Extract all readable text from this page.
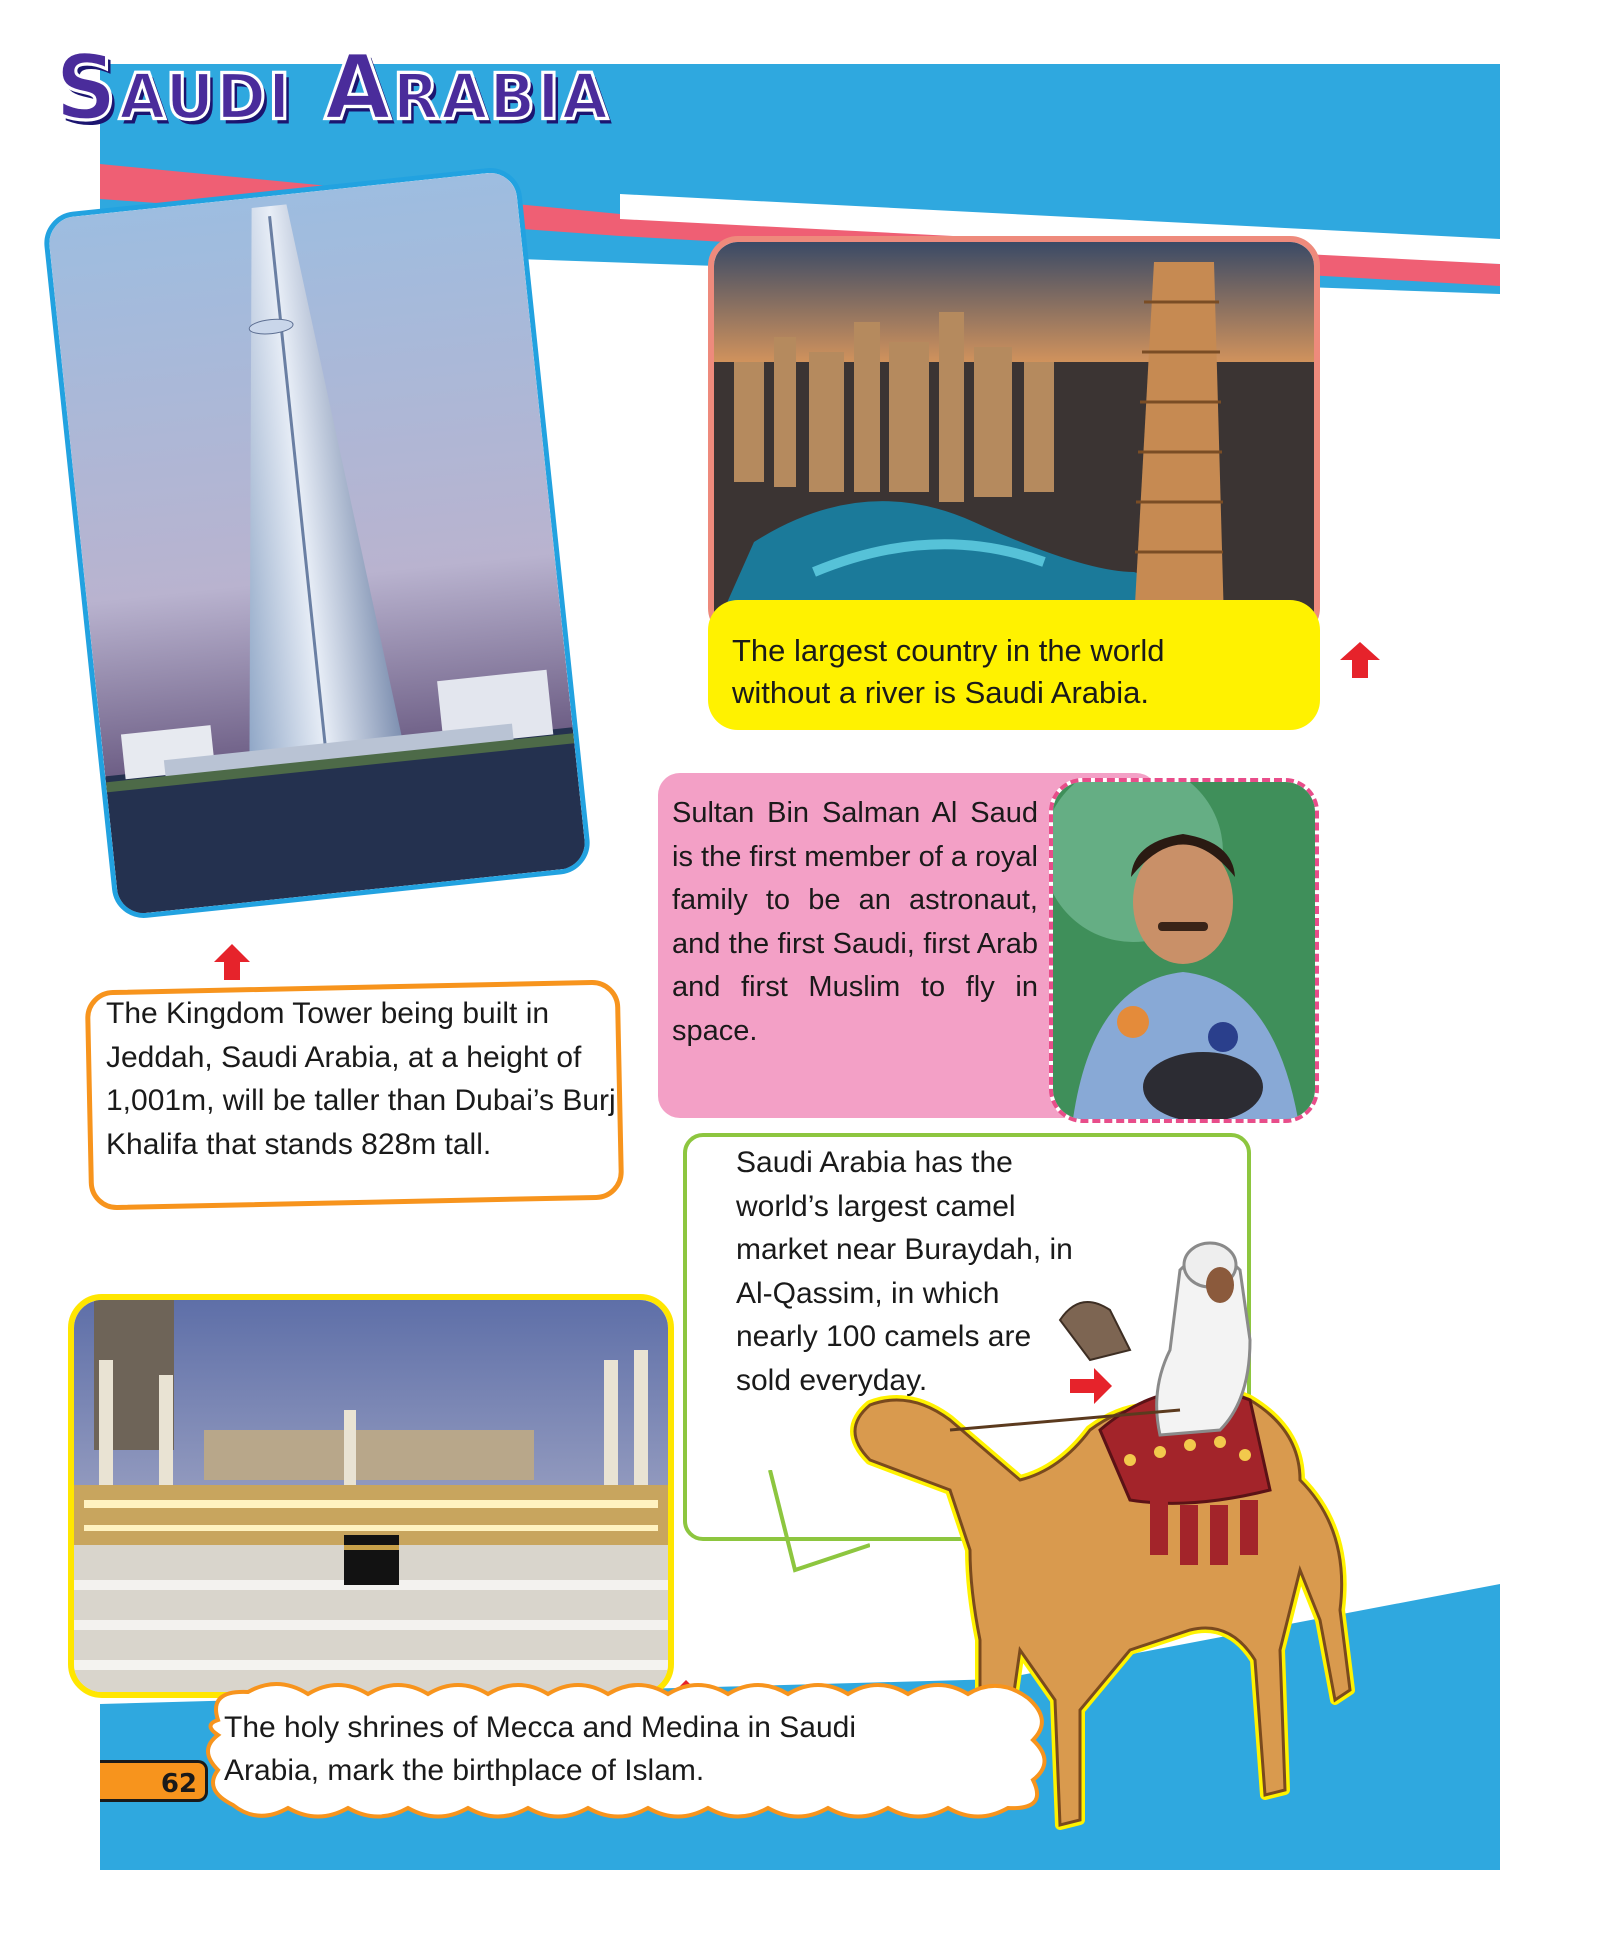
Saudi Arabia
The largest country in the world without a river is Saudi Arabia.
Sultan Bin Salman Al Saud is the first member of a royal family to be an astronaut, and the first Saudi, first Arab and first Muslim to fly in space.
The Kingdom Tower being built in Jeddah, Saudi Arabia, at a height of 1,001m, will be taller than Dubai’s Burj Khalifa that stands 828m tall.
Saudi Arabia has the world’s largest camel market near Buraydah, in Al-Qassim, in which nearly 100 camels are sold everyday.
The holy shrines of Mecca and Medina in Saudi Arabia, mark the birthplace of Islam.
62
